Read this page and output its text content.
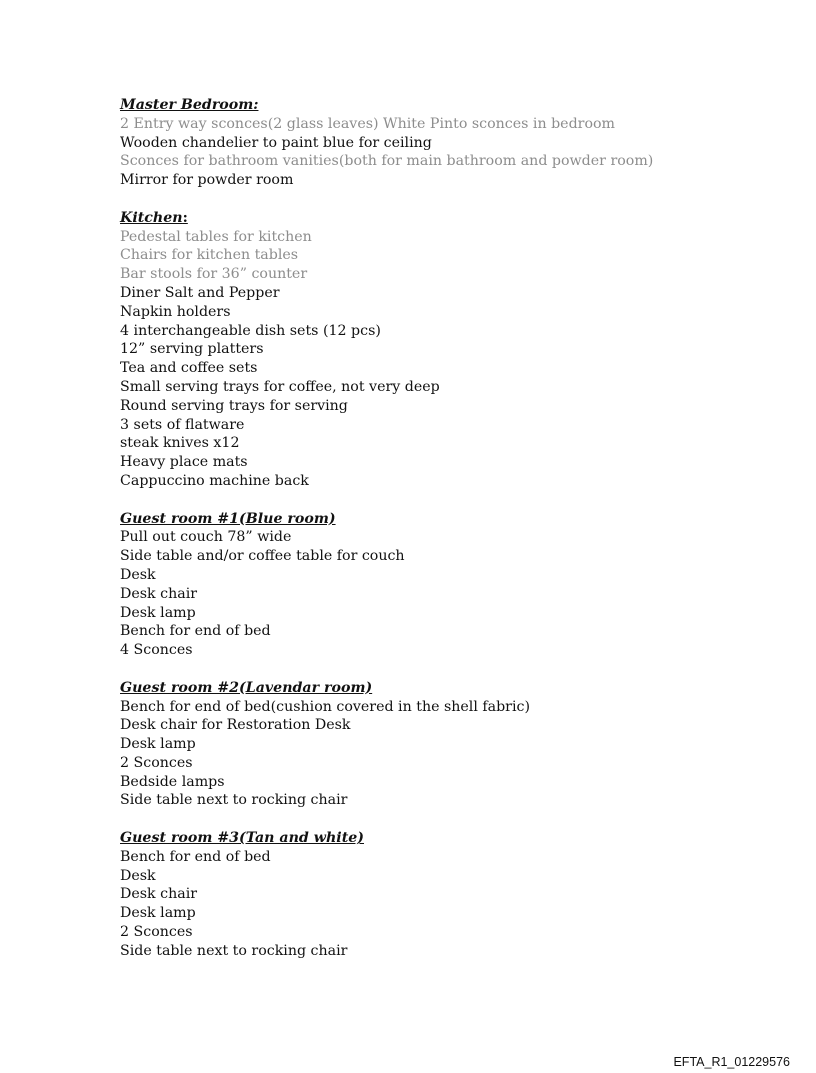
Master Bedroom:
2 Entry way sconces(2 glass leaves) White Pinto sconces in bedroom
Wooden chandelier to paint blue for ceiling
Sconces for bathroom vanities(both for main bathroom and powder room)
Mirror for powder room
Kitchen:
Pedestal tables for kitchen
Chairs for kitchen tables
Bar stools for 36” counter
Diner Salt and Pepper
Napkin holders
4 interchangeable dish sets (12 pcs)
12” serving platters
Tea and coffee sets
Small serving trays for coffee, not very deep
Round serving trays for serving
3 sets of flatware
steak knives x12
Heavy place mats
Cappuccino machine back
Guest room #1(Blue room)
Pull out couch 78” wide
Side table and/or coffee table for couch
Desk
Desk chair
Desk lamp
Bench for end of bed
4 Sconces
Guest room #2(Lavendar room)
Bench for end of bed(cushion covered in the shell fabric)
Desk chair for Restoration Desk
Desk lamp
2 Sconces
Bedside lamps
Side table next to rocking chair
Guest room #3(Tan and white)
Bench for end of bed
Desk
Desk chair
Desk lamp
2 Sconces
Side table next to rocking chair
EFTA_R1_01229576
